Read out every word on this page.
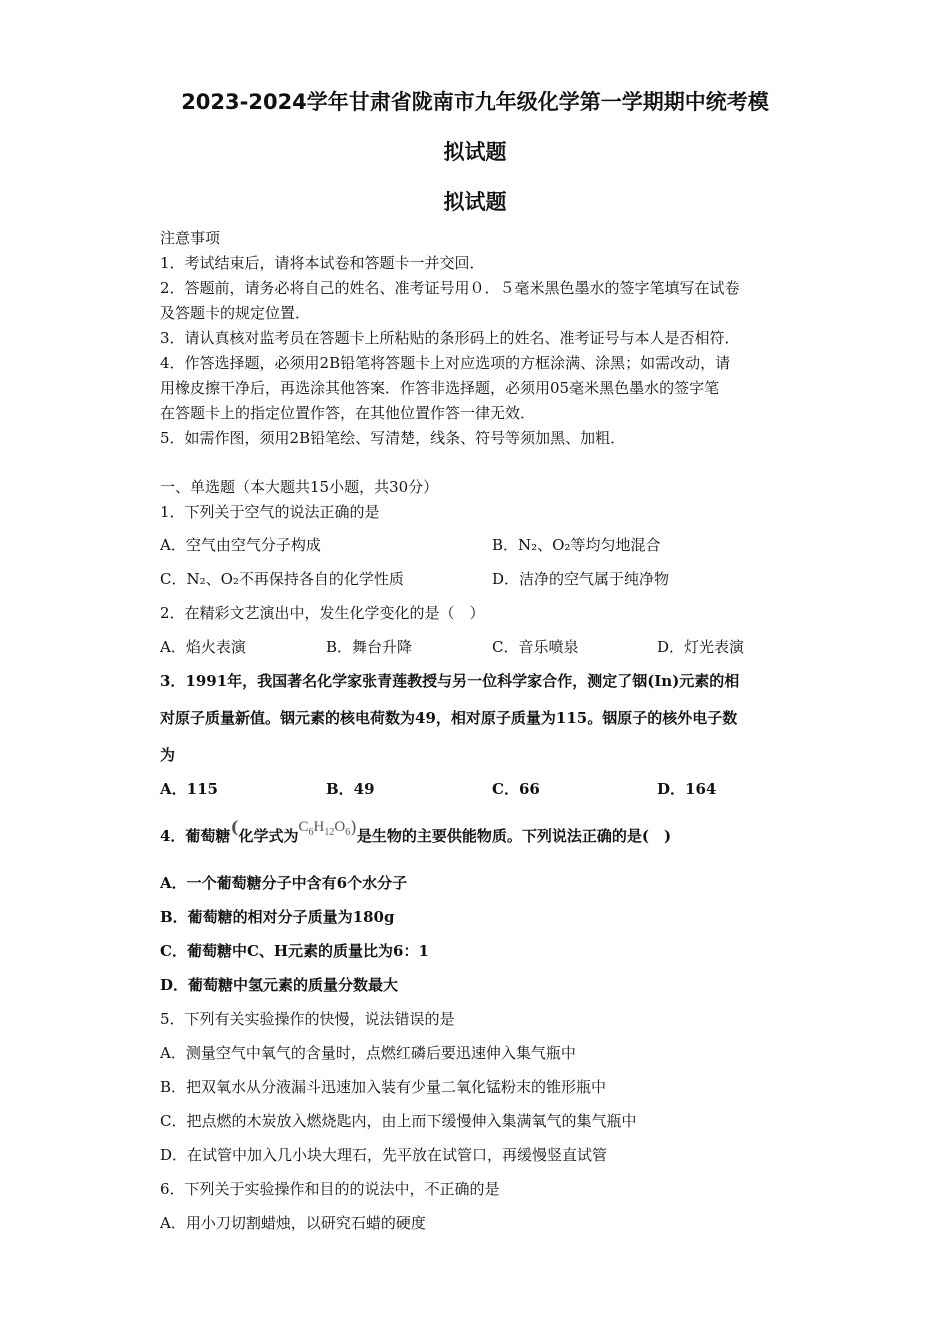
2023-2024学年甘肃省陇南市九年级化学第一学期期中统考模
拟试题
拟试题
注意事项
1．考试结束后，请将本试卷和答题卡一并交回．
2．答题前，请务必将自己的姓名、准考证号用０．５毫米黑色墨水的签字笔填写在试卷
及答题卡的规定位置．
3．请认真核对监考员在答题卡上所粘贴的条形码上的姓名、准考证号与本人是否相符．
4．作答选择题，必须用2B铅笔将答题卡上对应选项的方框涂满、涂黑；如需改动，请
用橡皮擦干净后，再选涂其他答案．作答非选择题，必须用05毫米黑色墨水的签字笔
在答题卡上的指定位置作答，在其他位置作答一律无效．
5．如需作图，须用2B铅笔绘、写清楚，线条、符号等须加黑、加粗．
一、单选题（本大题共15小题，共30分）
1．下列关于空气的说法正确的是
A．空气由空气分子构成	B．N₂、O₂等均匀地混合
C．N₂、O₂不再保持各自的化学性质	D．洁净的空气属于纯净物
2．在精彩文艺演出中，发生化学变化的是（　）
A．焰火表演	B．舞台升降	C．音乐喷泉	D．灯光表演
3．1991年，我国著名化学家张青莲教授与另一位科学家合作，测定了铟(In)元素的相
对原子质量新值。铟元素的核电荷数为49，相对原子质量为115。铟原子的核外电子数
为
A．115	B．49	C．66	D．164
4．葡萄糖(化学式为$C_6H_{12}O_6$)是生物的主要供能物质。下列说法正确的是(　)
A．一个葡萄糖分子中含有6个水分子
B．葡萄糖的相对分子质量为180g
C．葡萄糖中C、H元素的质量比为6：1
D．葡萄糖中氢元素的质量分数最大
5．下列有关实验操作的快慢，说法错误的是
A．测量空气中氧气的含量时，点燃红磷后要迅速伸入集气瓶中
B．把双氧水从分液漏斗迅速加入装有少量二氧化锰粉末的锥形瓶中
C．把点燃的木炭放入燃烧匙内，由上而下缓慢伸入集满氧气的集气瓶中
D．在试管中加入几小块大理石，先平放在试管口，再缓慢竖直试管
6．下列关于实验操作和目的的说法中，不正确的是
A．用小刀切割蜡烛，以研究石蜡的硬度
